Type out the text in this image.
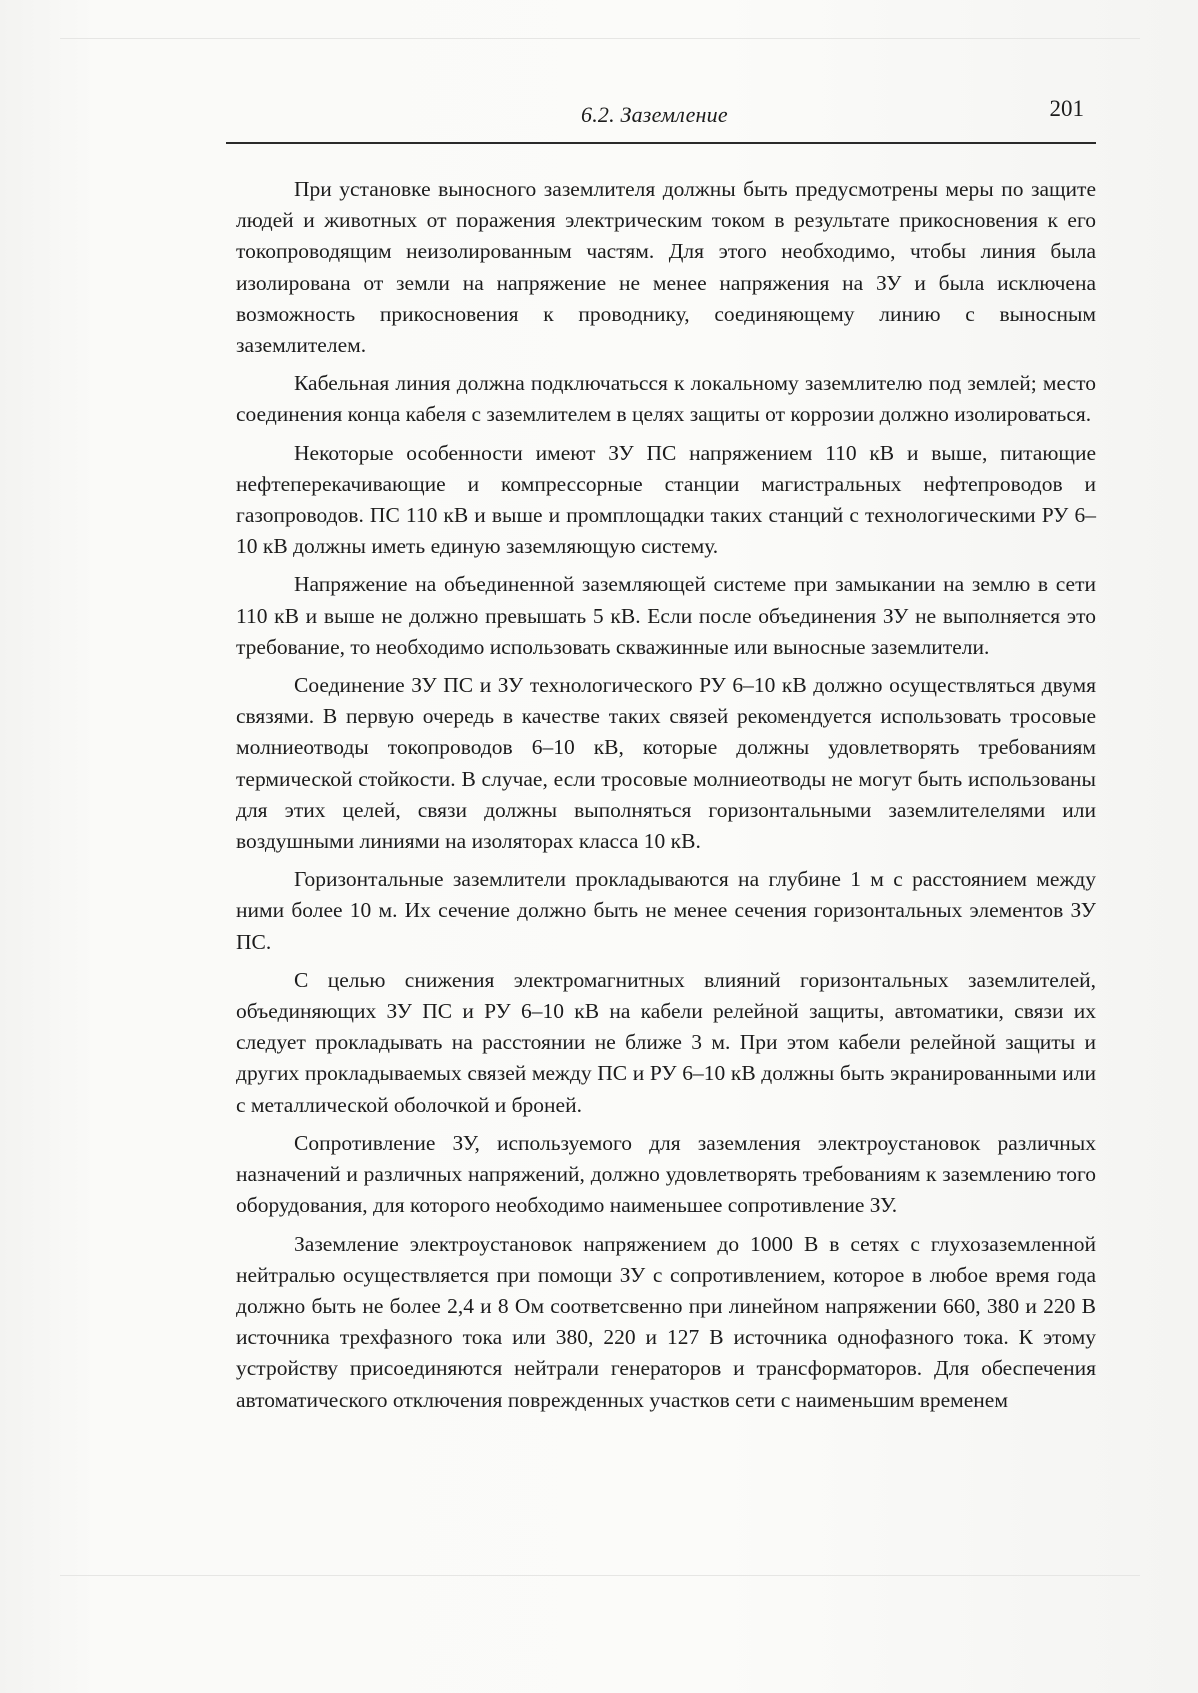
6.2. Заземление	201

При установке выносного заземлителя должны быть предусмотрены меры по защите людей и животных от поражения электрическим током в результате прикосновения к его токопроводящим неизолированным частям. Для этого необходимо, чтобы линия была изолирована от земли на напряжение не менее напряжения на ЗУ и была исключена возможность прикосновения к проводнику, соединяющему линию с выносным заземлителем.

Кабельная линия должна подключатьсся к локальному заземлителю под землей; место соединения конца кабеля с заземлителем в целях защиты от коррозии должно изолироваться.

Некоторые особенности имеют ЗУ ПС напряжением 110 кВ и выше, питающие нефтеперекачивающие и компрессорные станции магистральных нефтепроводов и газопроводов. ПС 110 кВ и выше и промплощадки таких станций с технологическими РУ 6–10 кВ должны иметь единую заземляющую систему.

Напряжение на объединенной заземляющей системе при замыкании на землю в сети 110 кВ и выше не должно превышать 5 кВ. Если после объединения ЗУ не выполняется это требование, то необходимо использовать скважинные или выносные заземлители.

Соединение ЗУ ПС и ЗУ технологического РУ 6–10 кВ должно осуществляться двумя связями. В первую очередь в качестве таких связей рекомендуется использовать тросовые молниеотводы токопроводов 6–10 кВ, которые должны удовлетворять требованиям термической стойкости. В случае, если тросовые молниеотводы не могут быть использованы для этих целей, связи должны выполняться горизонтальными заземлителелями или воздушными линиями на изоляторах класса 10 кВ.

Горизонтальные заземлители прокладываются на глубине 1 м с расстоянием между ними более 10 м. Их сечение должно быть не менее сечения горизонтальных элементов ЗУ ПС.

С целью снижения электромагнитных влияний горизонтальных заземлителей, объединяющих ЗУ ПС и РУ 6–10 кВ на кабели релейной защиты, автоматики, связи их следует прокладывать на расстоянии не ближе 3 м. При этом кабели релейной защиты и других прокладываемых связей между ПС и РУ 6–10 кВ должны быть экранированными или с металлической оболочкой и броней.

Сопротивление ЗУ, используемого для заземления электроустановок различных назначений и различных напряжений, должно удовлетворять требованиям к заземлению того оборудования, для которого необходимо наименьшее сопротивление ЗУ.

Заземление электроустановок напряжением до 1000 В в сетях с глухозаземленной нейтралью осуществляется при помощи ЗУ с сопротивлением, которое в любое время года должно быть не более 2,4 и 8 Ом соответсвенно при линейном напряжении 660, 380 и 220 В источника трехфазного тока или 380, 220 и 127 В источника однофазного тока. К этому устройству присоединяются нейтрали генераторов и трансформаторов. Для обеспечения автоматического отключения поврежденных участков сети с наименьшим временем
